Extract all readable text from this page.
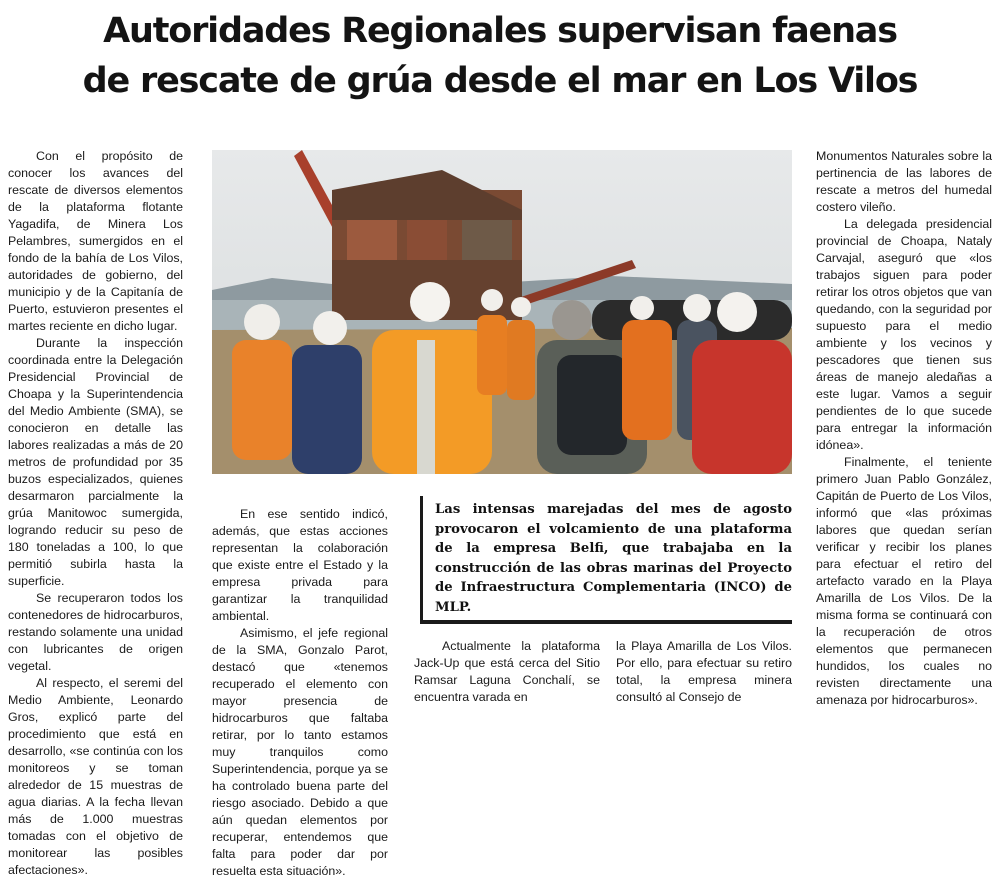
Autoridades Regionales supervisan faenas
de rescate de grúa desde el mar en Los Vilos

Con el propósito de conocer los avances del rescate de diversos elementos de la plataforma flotante Yagadifa, de Minera Los Pelambres, sumergidos en el fondo de la bahía de Los Vilos, autoridades de gobierno, del municipio y de la Capitanía de Puerto, estuvieron presentes el martes reciente en dicho lugar.

Durante la inspección coordinada entre la Delegación Presidencial Provincial de Choapa y la Superintendencia del Medio Ambiente (SMA), se conocieron en detalle las labores realizadas a más de 20 metros de profundidad por 35 buzos especializados, quienes desarmaron parcialmente la grúa Manitowoc sumergida, logrando reducir su peso de 180 toneladas a 100, lo que permitió subirla hasta la superficie.

Se recuperaron todos los contenedores de hidrocarburos, restando solamente una unidad con lubricantes de origen vegetal.

Al respecto, el seremi del Medio Ambiente, Leonardo Gros, explicó parte del procedimiento que está en desarrollo, «se continúa con los monitoreos y se toman alrededor de 15 muestras de agua diarias. A la fecha llevan más de 1.000 muestras tomadas con el objetivo de monitorear las posibles afectaciones».

En ese sentido indicó, además, que estas acciones representan la colaboración que existe entre el Estado y la empresa privada para garantizar la tranquilidad ambiental.

Asimismo, el jefe regional de la SMA, Gonzalo Parot, destacó que «tenemos recuperado el elemento con mayor presencia de hidrocarburos que faltaba retirar, por lo tanto estamos muy tranquilos como Superintendencia, porque ya se ha controlado buena parte del riesgo asociado. Debido a que aún quedan elementos por recuperar, entendemos que falta para poder dar por resuelta esta situación».

Las intensas marejadas del mes de agosto provocaron el volcamiento de una plataforma de la empresa Belfi, que trabajaba en la construcción de las obras marinas del Proyecto de Infraestructura Complementaria (INCO) de MLP.

Actualmente la plataforma Jack-Up que está cerca del Sitio Ramsar Laguna Conchalí, se encuentra varada en

la Playa Amarilla de Los Vilos. Por ello, para efectuar su retiro total, la empresa minera consultó al Consejo de

Monumentos Naturales sobre la pertinencia de las labores de rescate a metros del humedal costero vileño.

La delegada presidencial provincial de Choapa, Nataly Carvajal, aseguró que «los trabajos siguen para poder retirar los otros objetos que van quedando, con la seguridad por supuesto para el medio ambiente y los vecinos y pescadores que tienen sus áreas de manejo aledañas a este lugar. Vamos a seguir pendientes de lo que sucede para entregar la información idónea».

Finalmente, el teniente primero Juan Pablo González, Capitán de Puerto de Los Vilos, informó que «las próximas labores que quedan serían verificar y recibir los planes para efectuar el retiro del artefacto varado en la Playa Amarilla de Los Vilos. De la misma forma se continuará con la recuperación de otros elementos que permanecen hundidos, los cuales no revisten directamente una amenaza por hidrocarburos».
